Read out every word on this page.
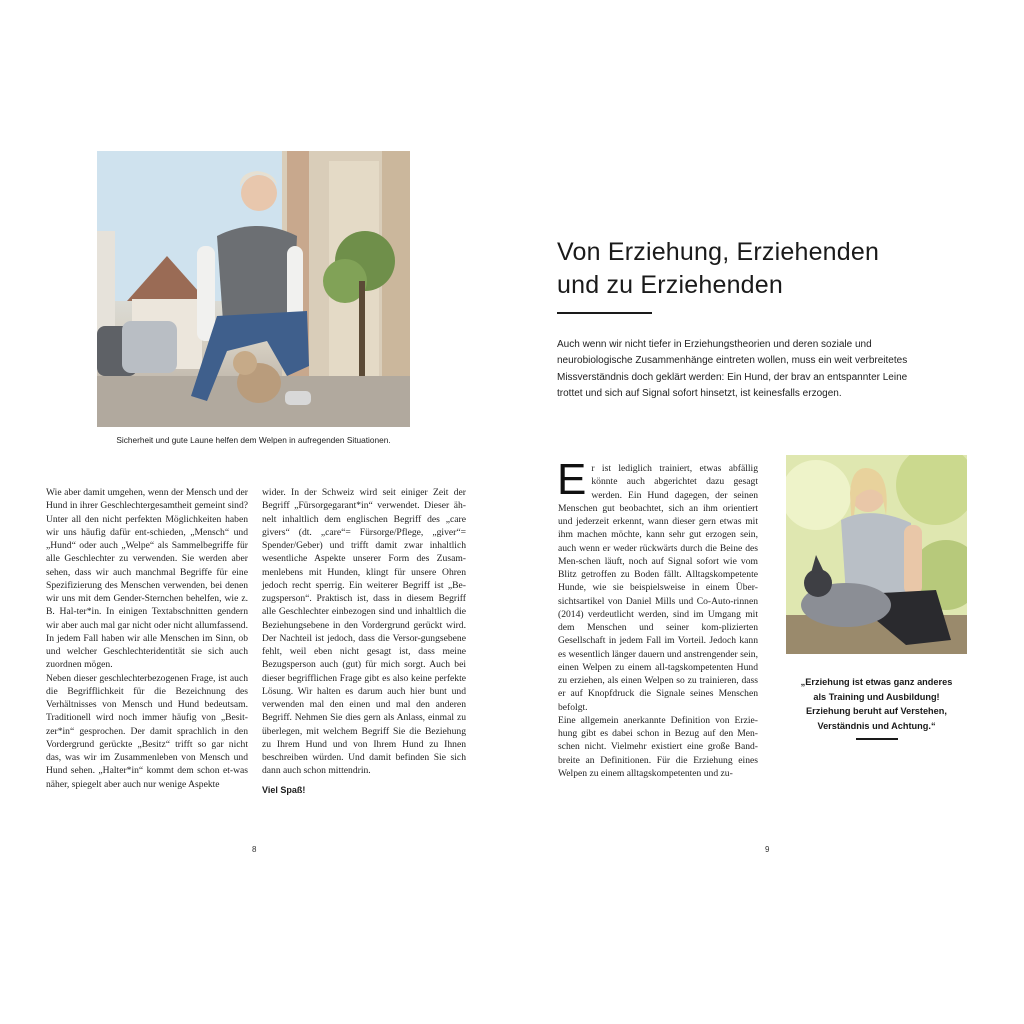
Sicherheit und gute Laune helfen dem Welpen in aufregenden Situationen.

Wie aber damit umgehen, wenn der Mensch und der Hund in ihrer Geschlechtergesamtheit gemeint sind? Unter all den nicht perfekten Möglichkeiten haben wir uns häufig dafür ent-schieden, „Mensch“ und „Hund“ oder auch „Welpe“ als Sammelbegriffe für alle Geschlechter zu verwenden. Sie werden aber sehen, dass wir auch manchmal Begriffe für eine Spezifizierung des Menschen verwenden, bei denen wir uns mit dem Gender-Sternchen behelfen, wie z. B. Hal-ter*in. In einigen Textabschnitten gendern wir aber auch mal gar nicht oder nicht allumfassend. In jedem Fall haben wir alle Menschen im Sinn, ob und welcher Geschlechteridentität sie sich auch zuordnen mögen.

Neben dieser geschlechterbezogenen Frage, ist auch die Begrifflichkeit für die Bezeichnung des Verhältnisses von Mensch und Hund bedeutsam. Traditionell wird noch immer häufig von „Besit-zer*in“ gesprochen. Der damit sprachlich in den Vordergrund gerückte „Besitz“ trifft so gar nicht das, was wir im Zusammenleben von Mensch und Hund sehen. „Halter*in“ kommt dem schon et-was näher, spiegelt aber auch nur wenige Aspekte

wider. In der Schweiz wird seit einiger Zeit der Begriff „Fürsorgegarant*in“ verwendet. Dieser äh-nelt inhaltlich dem englischen Begriff des „care givers“ (dt. „care“= Fürsorge/Pflege, „giver“= Spender/Geber) und trifft damit zwar inhaltlich wesentliche Aspekte unserer Form des Zusam-menlebens mit Hunden, klingt für unsere Ohren jedoch recht sperrig. Ein weiterer Begriff ist „Be-zugsperson“. Praktisch ist, dass in diesem Begriff alle Geschlechter einbezogen sind und inhaltlich die Beziehungsebene in den Vordergrund gerückt wird. Der Nachteil ist jedoch, dass die Versor-gungsebene fehlt, weil eben nicht gesagt ist, dass meine Bezugsperson auch (gut) für mich sorgt. Auch bei dieser begrifflichen Frage gibt es also keine perfekte Lösung. Wir halten es darum auch hier bunt und verwenden mal den einen und mal den anderen Begriff. Nehmen Sie dies gern als Anlass, einmal zu überlegen, mit welchem Begriff Sie die Beziehung zu Ihrem Hund und von Ihrem Hund zu Ihnen beschreiben würden. Und damit befinden Sie sich dann auch schon mittendrin.

Viel Spaß!

8
Von Erziehung, Erziehenden
und zu Erziehenden
Auch wenn wir nicht tiefer in Erziehungstheorien und deren soziale und
neurobiologische Zusammenhänge eintreten wollen, muss ein weit verbreitetes
Missverständnis doch geklärt werden: Ein Hund, der brav an entspannter Leine
trottet und sich auf Signal sofort hinsetzt, ist keinesfalls erzogen.

E r ist lediglich trainiert, etwas abfällig könnte auch abgerichtet dazu gesagt werden. Ein Hund dagegen, der seinen Menschen gut beobachtet, sich an ihm orientiert und jederzeit erkennt, wann dieser gern etwas mit ihm machen möchte, kann sehr gut erzogen sein, auch wenn er weder rückwärts durch die Beine des Men-schen läuft, noch auf Signal sofort wie vom Blitz getroffen zu Boden fällt. Alltagskompetente Hunde, wie sie beispielsweise in einem Über-sichtsartikel von Daniel Mills und Co-Auto-rinnen (2014) verdeutlicht werden, sind im Umgang mit dem Menschen und seiner kom-plizierten Gesellschaft in jedem Fall im Vorteil. Jedoch kann es wesentlich länger dauern und anstrengender sein, einen Welpen zu einem all-tagskompetenten Hund zu erziehen, als einen Welpen so zu trainieren, dass er auf Knopfdruck die Signale seines Menschen befolgt.

Eine allgemein anerkannte Definition von Erzie-hung gibt es dabei schon in Bezug auf den Men-schen nicht. Vielmehr existiert eine große Band-breite an Definitionen. Für die Erziehung eines Welpen zu einem alltagskompetenten und zu-

„Erziehung ist etwas ganz anderes
als Training und Ausbildung!
Erziehung beruht auf Verstehen,
Verständnis und Achtung.“
9
